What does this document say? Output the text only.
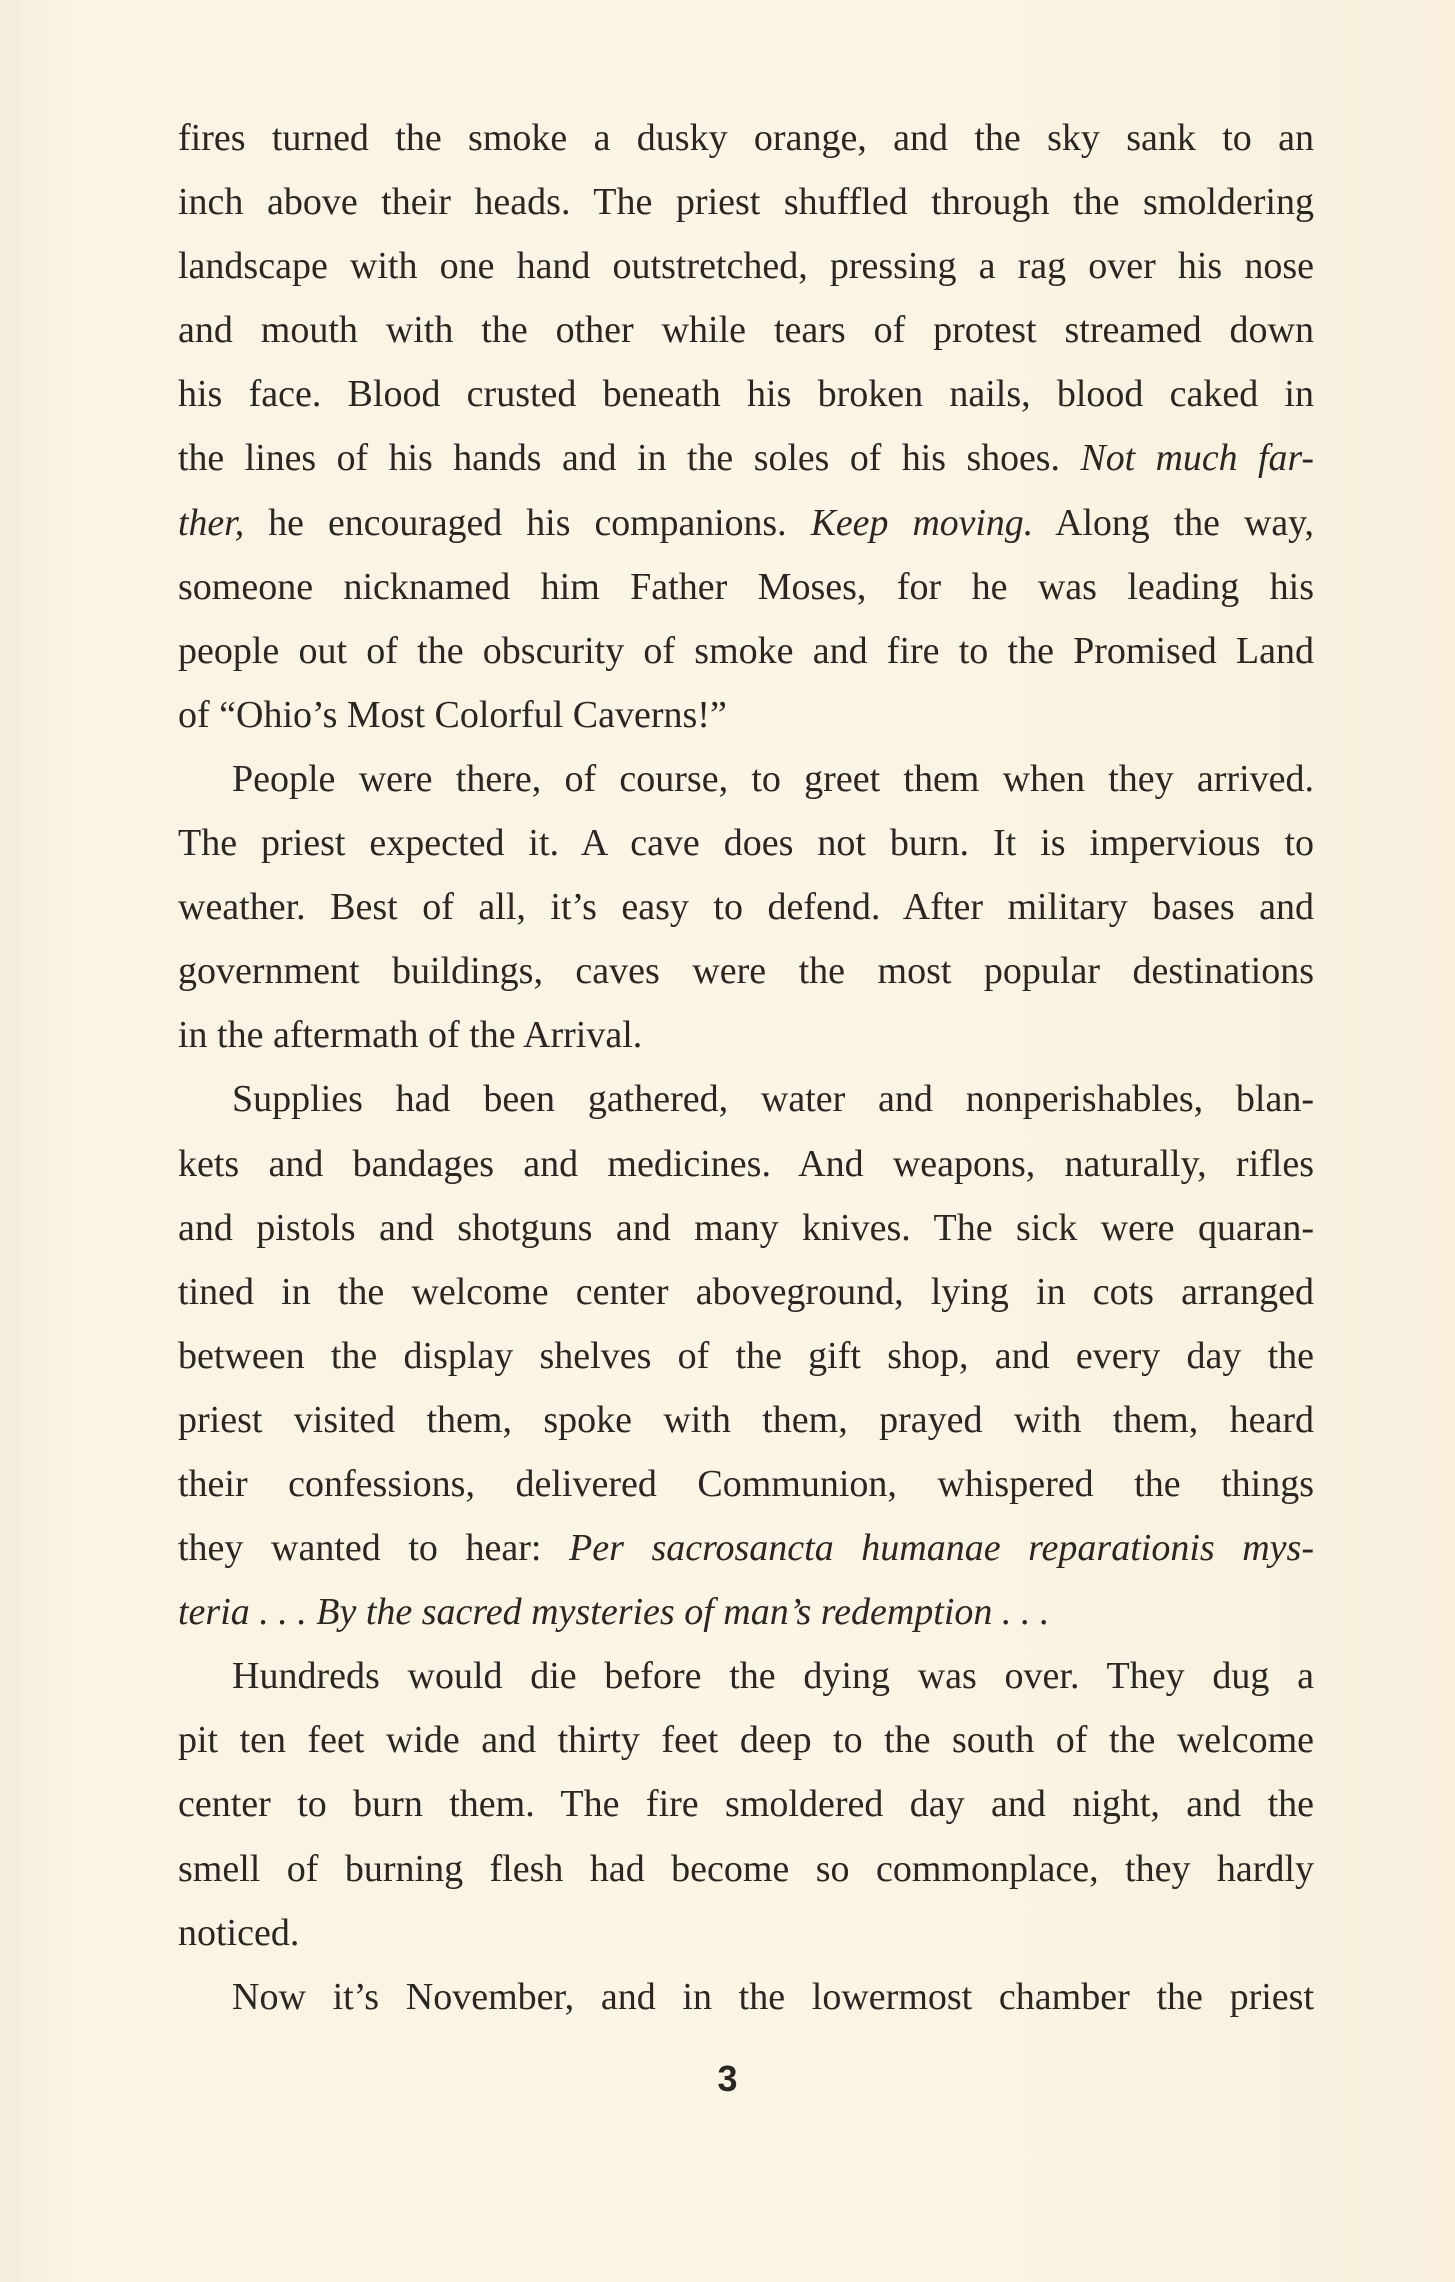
fires turned the smoke a dusky orange, and the sky sank to an
inch above their heads. The priest shuffled through the smoldering
landscape with one hand outstretched, pressing a rag over his nose
and mouth with the other while tears of protest streamed down
his face. Blood crusted beneath his broken nails, blood caked in
the lines of his hands and in the soles of his shoes. Not much far-
ther, he encouraged his companions. Keep moving. Along the way,
someone nicknamed him Father Moses, for he was leading his
people out of the obscurity of smoke and fire to the Promised Land
of “Ohio’s Most Colorful Caverns!”
People were there, of course, to greet them when they arrived.
The priest expected it. A cave does not burn. It is impervious to
weather. Best of all, it’s easy to defend. After military bases and
government buildings, caves were the most popular destinations
in the aftermath of the Arrival.
Supplies had been gathered, water and nonperishables, blan-
kets and bandages and medicines. And weapons, naturally, rifles
and pistols and shotguns and many knives. The sick were quaran-
tined in the welcome center aboveground, lying in cots arranged
between the display shelves of the gift shop, and every day the
priest visited them, spoke with them, prayed with them, heard
their confessions, delivered Communion, whispered the things
they wanted to hear: Per sacrosancta humanae reparationis mys-
teria . . . By the sacred mysteries of man’s redemption . . .
Hundreds would die before the dying was over. They dug a
pit ten feet wide and thirty feet deep to the south of the welcome
center to burn them. The fire smoldered day and night, and the
smell of burning flesh had become so commonplace, they hardly
noticed.
Now it’s November, and in the lowermost chamber the priest
3
